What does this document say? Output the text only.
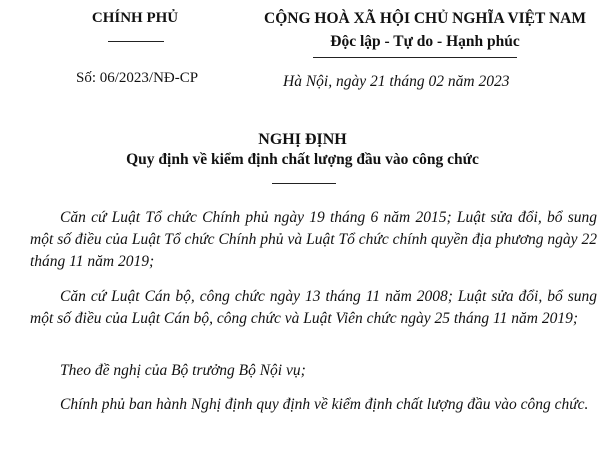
CHÍNH PHỦ	CỘNG HOÀ XÃ HỘI CHỦ NGHĨA VIỆT NAM
Độc lập - Tự do - Hạnh phúc
Số: 06/2023/NĐ-CP	Hà Nội, ngày 21 tháng 02 năm 2023
NGHỊ ĐỊNH
Quy định về kiểm định chất lượng đầu vào công chức
Căn cứ Luật Tổ chức Chính phủ ngày 19 tháng 6 năm 2015; Luật sửa đổi, bổ sung một số điều của Luật Tổ chức Chính phủ và Luật Tổ chức chính quyền địa phương ngày 22 tháng 11 năm 2019;
Căn cứ Luật Cán bộ, công chức ngày 13 tháng 11 năm 2008; Luật sửa đổi, bổ sung một số điều của Luật Cán bộ, công chức và Luật Viên chức ngày 25 tháng 11 năm 2019;
Theo đề nghị của Bộ trưởng Bộ Nội vụ;
Chính phủ ban hành Nghị định quy định về kiểm định chất lượng đầu vào công chức.
